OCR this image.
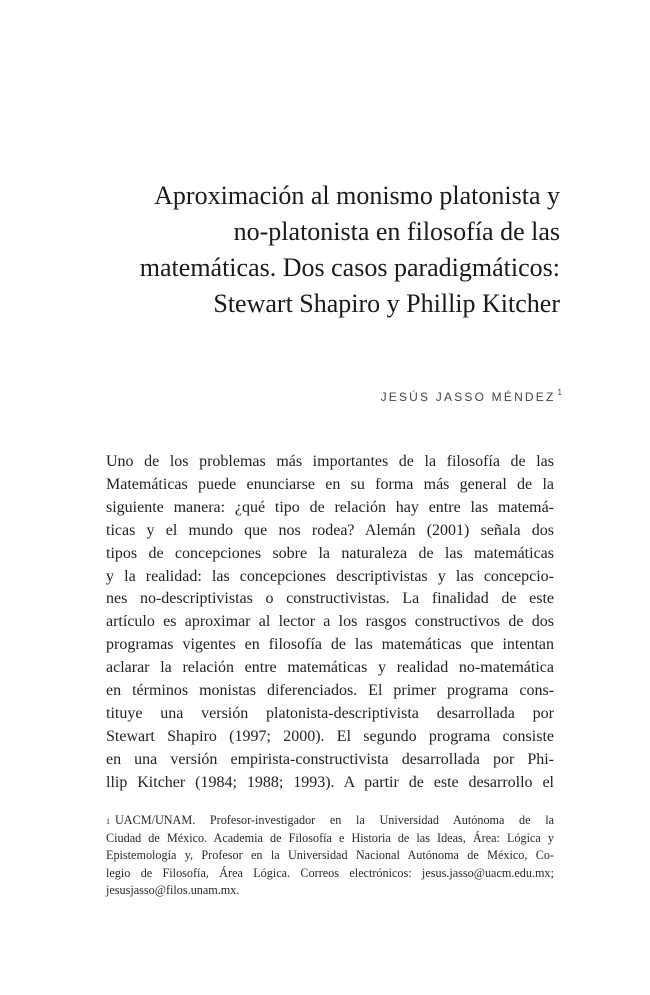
Aproximación al monismo platonista y
no-platonista en filosofía de las
matemáticas. Dos casos paradigmáticos:
Stewart Shapiro y Phillip Kitcher
JESÚS JASSO MÉNDEZ $^1$

Uno de los problemas más importantes de la filosofía de las
Matemáticas puede enunciarse en su forma más general de la
siguiente manera: ¿qué tipo de relación hay entre las matemá-
ticas y el mundo que nos rodea? Alemán (2001) señala dos
tipos de concepciones sobre la naturaleza de las matemáticas
y la realidad: las concepciones descriptivistas y las concepcio-
nes no-descriptivistas o constructivistas. La finalidad de este
artículo es aproximar al lector a los rasgos constructivos de dos
programas vigentes en filosofía de las matemáticas que intentan
aclarar la relación entre matemáticas y realidad no-matemática
en términos monistas diferenciados. El primer programa cons-
tituye una versión platonista-descriptivista desarrollada por
Stewart Shapiro (1997; 2000). El segundo programa consiste
en una versión empirista-constructivista desarrollada por Phi-
llip Kitcher (1984; 1988; 1993). A partir de este desarrollo el

$^1$ UACM/UNAM. Profesor-investigador en la Universidad Autónoma de la
Ciudad de México. Academia de Filosofía e Historia de las Ideas, Área: Lógica y
Epistemología y, Profesor en la Universidad Nacional Autónoma de México, Co-
legio de Filosofía, Área Lógica. Correos electrónicos: jesus.jasso@uacm.edu.mx;
jesusjasso@filos.unam.mx.
